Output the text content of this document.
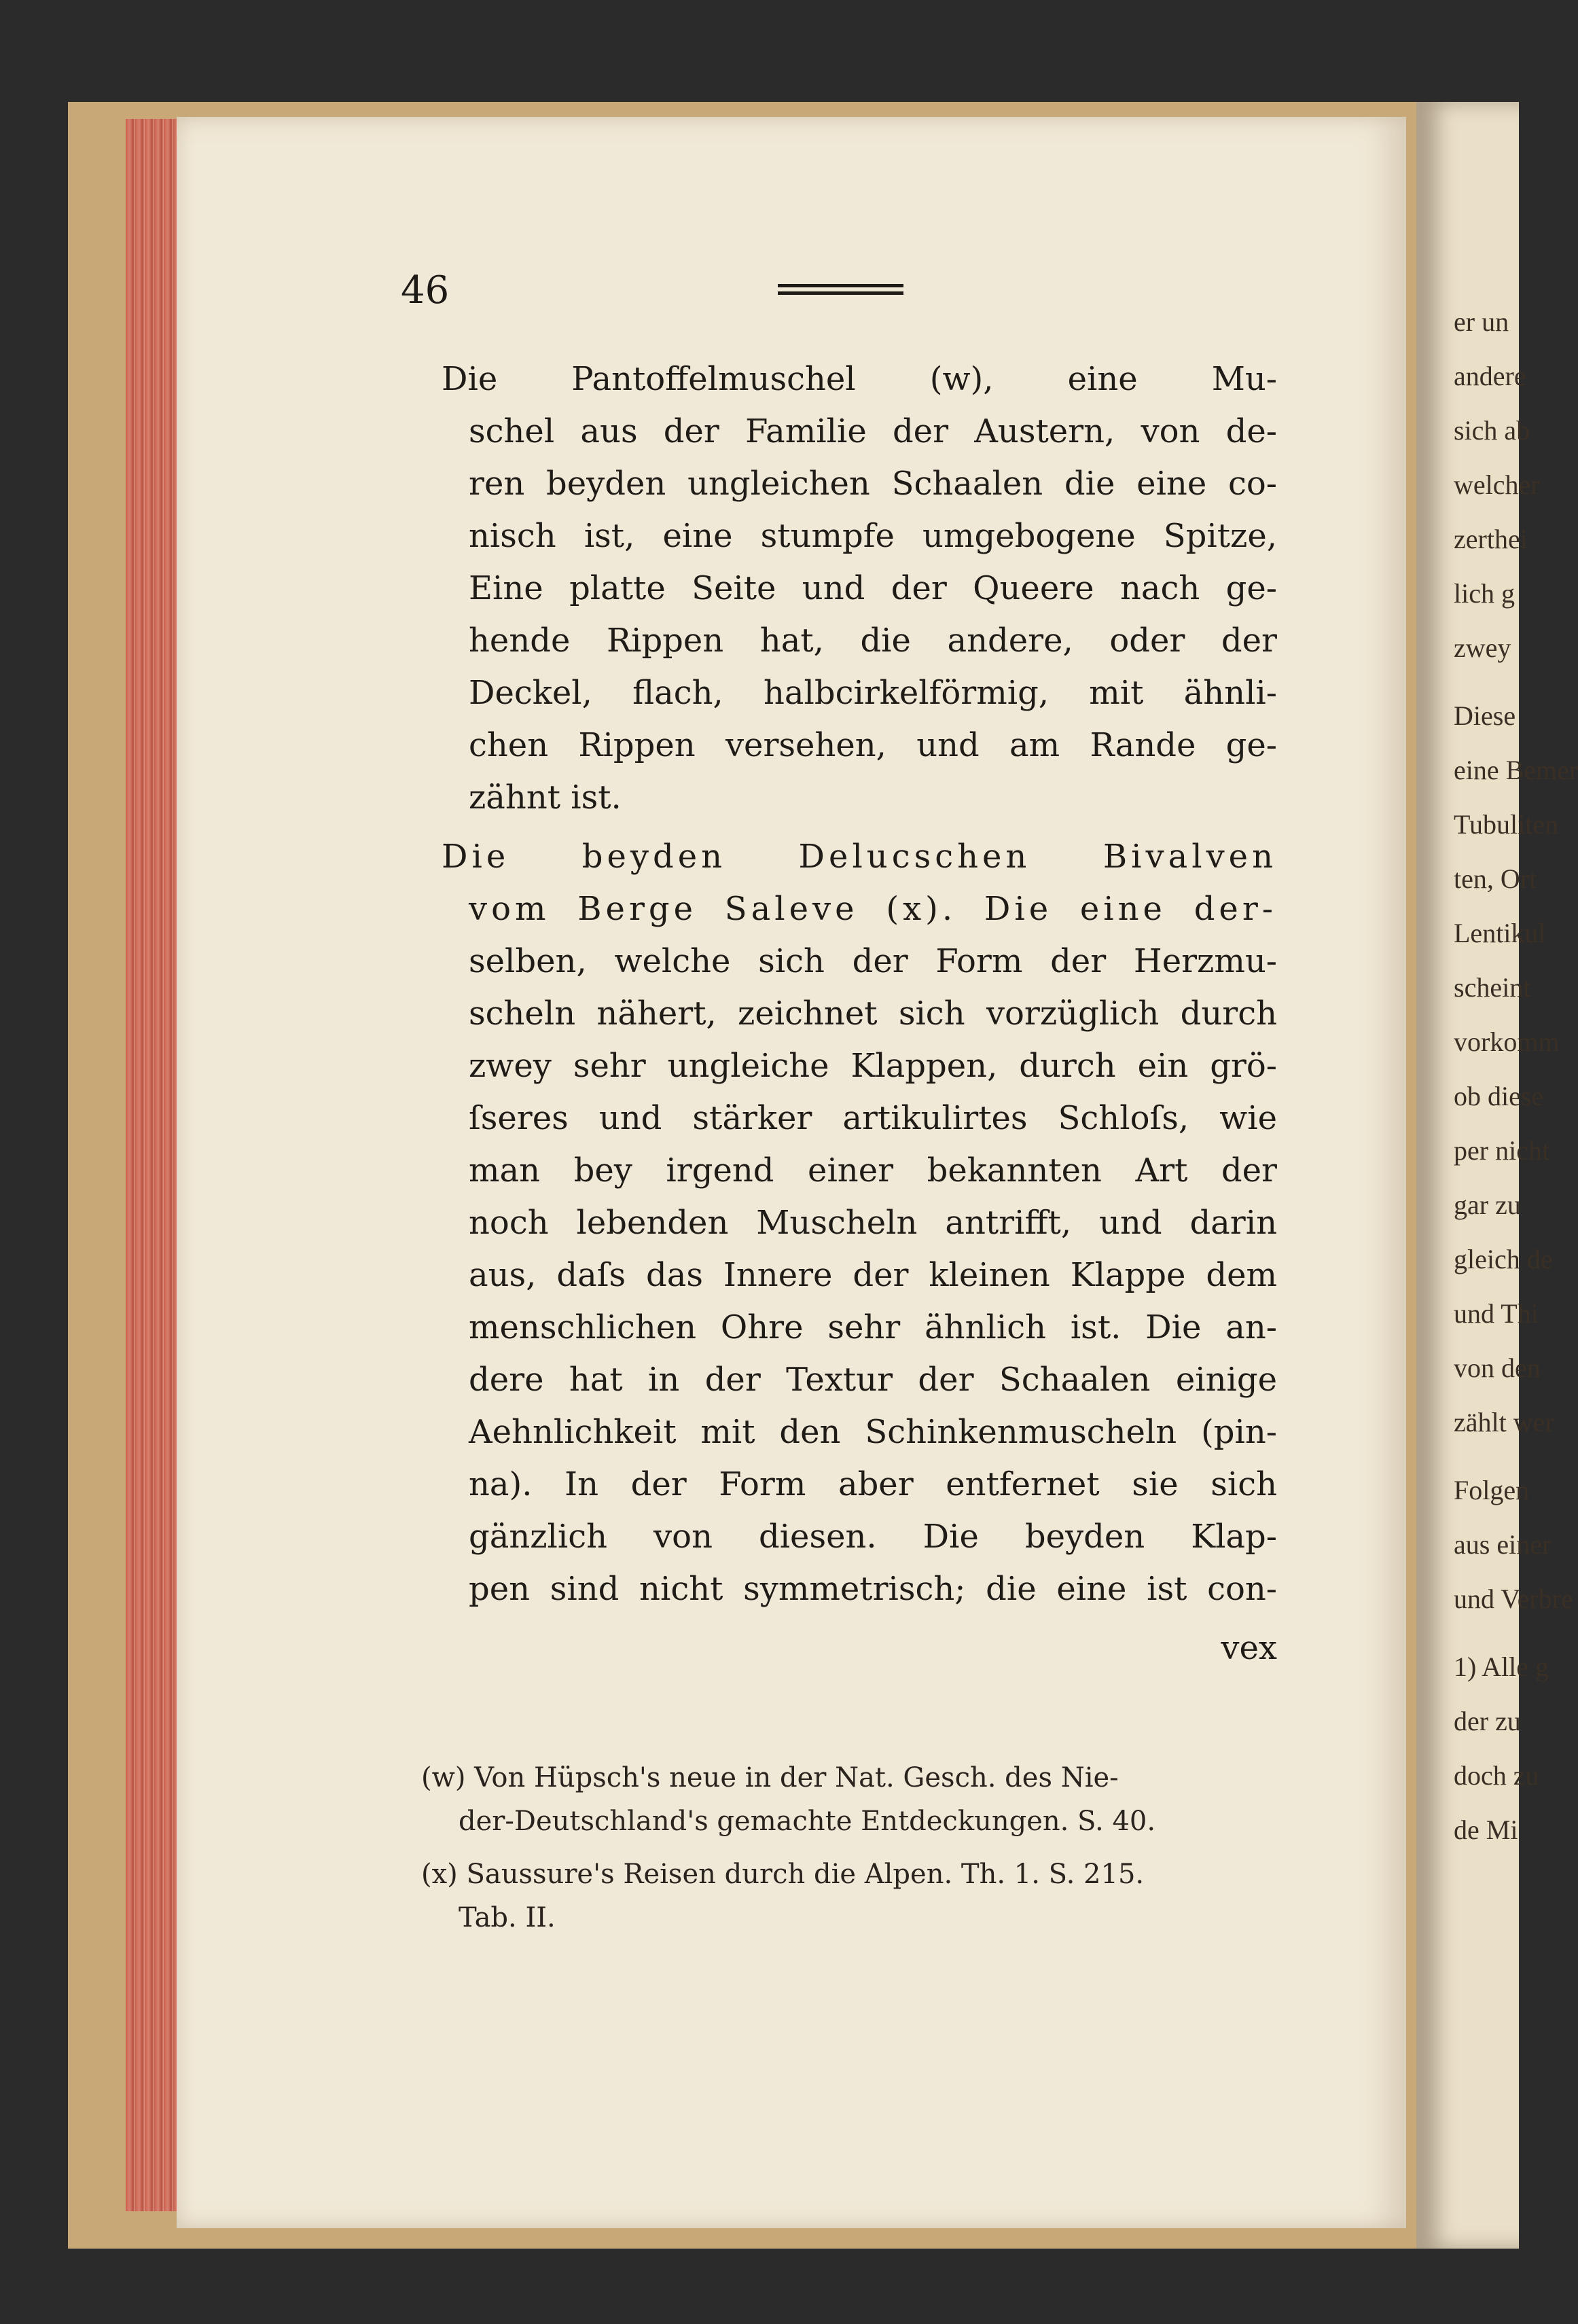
er un
andere
sich ab
welcher
zerthei
lich g
zwey
Diese
eine Bemer
Tubuliten
ten, Ort
Lentikul
scheint
vorkomm
ob diese
per nicht
gar zu
gleich de
und Thi
von den
zählt wer
Folgen
aus einer
und Verbre
1) Alle g
der zu
doch zu
de Mi
46
Die Pantoffelmuschel (w), eine Mu-
schel aus der Familie der Austern, von de-
ren beyden ungleichen Schaalen die eine co-
nisch ist, eine stumpfe umgebogene Spitze,
Eine platte Seite und der Queere nach ge-
hende Rippen hat, die andere, oder der
Deckel, flach, halbcirkelförmig, mit ähnli-
chen Rippen versehen, und am Rande ge-
zähnt ist.
Die beyden Delucschen Bivalven
vom Berge Saleve (x). Die eine der-
selben, welche sich der Form der Herzmu-
scheln nähert, zeichnet sich vorzüglich durch
zwey sehr ungleiche Klappen, durch ein grö-
ſseres und stärker artikulirtes Schloſs, wie
man bey irgend einer bekannten Art der
noch lebenden Muscheln antrifft, und darin
aus, daſs das Innere der kleinen Klappe dem
menschlichen Ohre sehr ähnlich ist. Die an-
dere hat in der Textur der Schaalen einige
Aehnlichkeit mit den Schinkenmuscheln (pin-
na). In der Form aber entfernet sie sich
gänzlich von diesen. Die beyden Klap-
pen sind nicht symmetrisch; die eine ist con-
vex
(w) Von Hüpsch's neue in der Nat. Gesch. des Nie-
der-Deutschland's gemachte Entdeckungen. S. 40.
(x) Saussure's Reisen durch die Alpen. Th. 1. S. 215.
Tab. II.
